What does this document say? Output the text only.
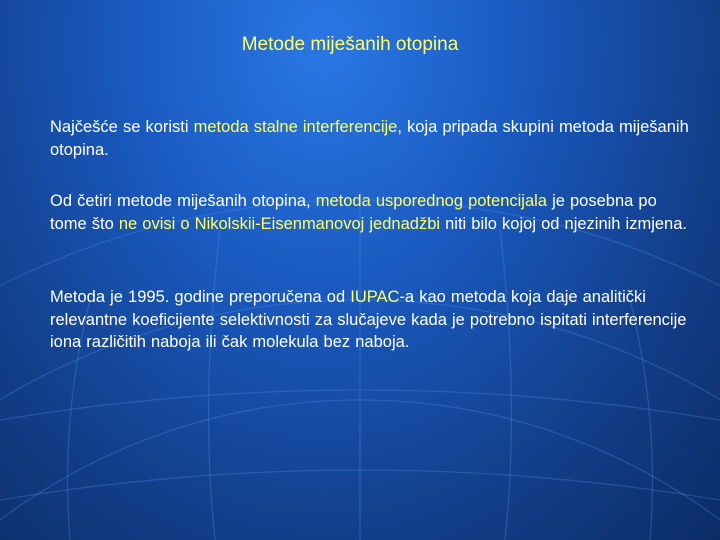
Metode miješanih otopina
Najčešće se koristi metoda stalne interferencije, koja pripada skupini metoda miješanih otopina.
Od četiri metode miješanih otopina, metoda usporednog potencijala je posebna po tome što ne ovisi o Nikolskii-Eisenmanovoj jednadžbi niti bilo kojoj od njezinih izmjena.
Metoda je 1995. godine preporučena od IUPAC-a kao metoda koja daje analitički relevantne koeficijente selektivnosti za slučajeve kada je potrebno ispitati interferencije iona različitih naboja ili čak molekula bez naboja.
